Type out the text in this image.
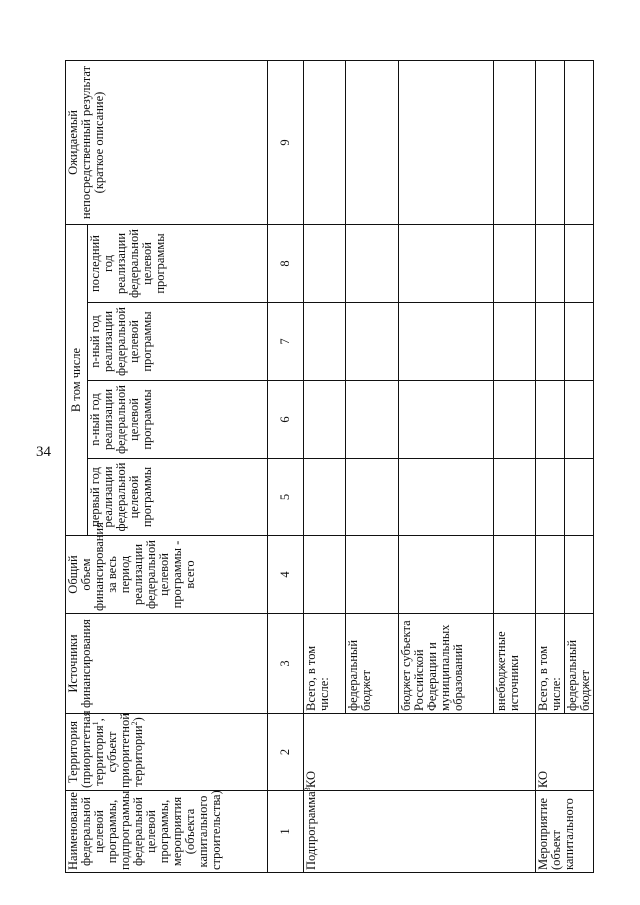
34
Наименование федеральной целевой программы, подпрограммы федеральной целевой программы, мероприятия (объекта капитального строительства)	Территория (приоритетная территория$^1$, субъект приоритетной территории$^2$)	Источники финансирования	Общий объем финансирования за весь период реализации федеральной целевой программы - всего	В том числе				Ожидаемый непосредственный результат (краткое описание)
				первый год реализации федеральной целевой программы	n-ный год реализации федеральной целевой программы	n-ный год реализации федеральной целевой программы	последний год реализации федеральной целевой программы	
1	2	3	4	5	6	7	8	9
Подпрограмма$^3$	КО	Всего, в том числе:						
		федеральный бюджет						
		бюджет субъекта Российской Федерации и муниципальных образований						
		внебюджетные источники						
Мероприятие (объект капитального	КО	Всего, в том числе:						
		федеральный бюджет						
